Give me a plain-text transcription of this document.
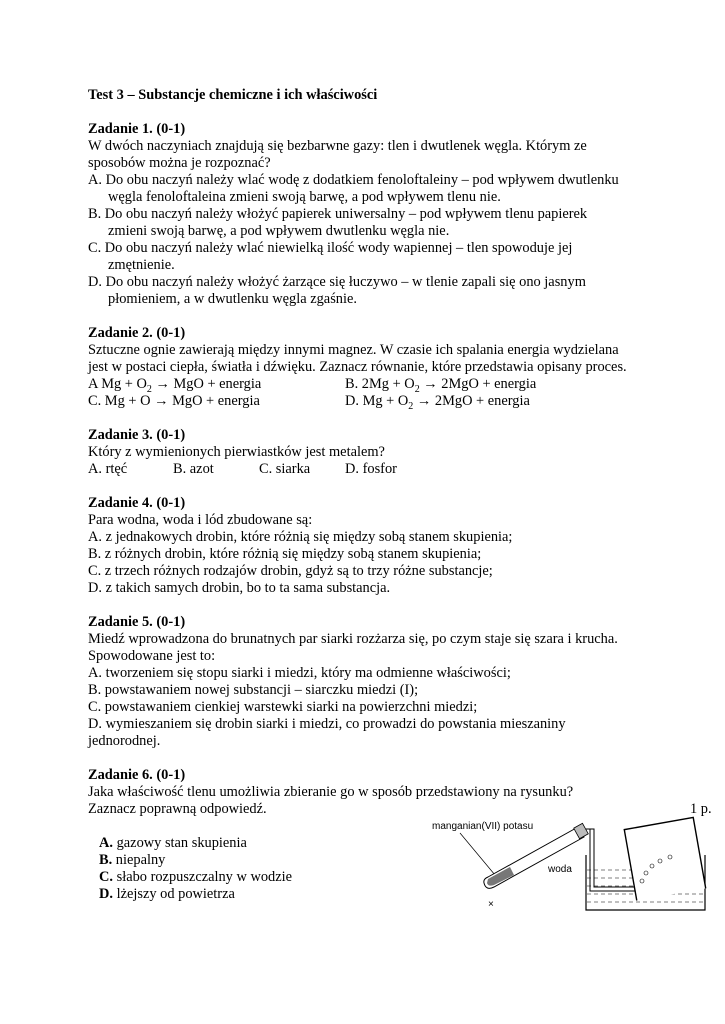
Test 3 – Substancje chemiczne i ich właściwości
Zadanie 1. (0-1)
W dwóch naczyniach znajdują się bezbarwne gazy: tlen i dwutlenek węgla. Którym ze
sposobów można je rozpoznać?
A. Do obu naczyń należy wlać wodę z dodatkiem fenoloftaleiny – pod wpływem dwutlenku
węgla fenoloftaleina zmieni swoją barwę, a pod wpływem tlenu nie.
B. Do obu naczyń należy włożyć papierek uniwersalny – pod wpływem tlenu papierek
zmieni swoją barwę, a pod wpływem dwutlenku węgla nie.
C. Do obu naczyń należy wlać niewielką ilość wody wapiennej – tlen spowoduje jej
zmętnienie.
D. Do obu naczyń należy włożyć żarzące się łuczywo – w tlenie zapali się ono jasnym
płomieniem, a w dwutlenku węgla zgaśnie.
Zadanie 2. (0-1)
Sztuczne ognie zawierają między innymi magnez. W czasie ich spalania energia wydzielana
jest w postaci ciepła, światła i dźwięku. Zaznacz równanie, które przedstawia opisany proces.
A $Mg + O_2$ → MgO + energia	B. $2Mg + O_2 \to 2MgO$ + energia
C. Mg + O → MgO + energia	D. $Mg + O_2 \to 2MgO$ + energia
Zadanie 3. (0-1)
Który z wymienionych pierwiastków jest metalem?
A. rtęć	B. azot	C. siarka D. fosfor
Zadanie 4. (0-1)
Para wodna, woda i lód zbudowane są:
A. z jednakowych drobin, które różnią się między sobą stanem skupienia;
B. z różnych drobin, które różnią się między sobą stanem skupienia;
C. z trzech różnych rodzajów drobin, gdyż są to trzy różne substancje;
D. z takich samych drobin, bo to ta sama substancja.
Zadanie 5. (0-1)
Miedź wprowadzona do brunatnych par siarki rozżarza się, po czym staje się szara i krucha.
Spowodowane jest to:
A. tworzeniem się stopu siarki i miedzi, który ma odmienne właściwości;
B. powstawaniem nowej substancji – siarczku miedzi (I);
C. powstawaniem cienkiej warstewki siarki na powierzchni miedzi;
D. wymieszaniem się drobin siarki i miedzi, co prowadzi do powstania mieszaniny
jednorodnej.
Zadanie 6. (0-1)
Jaka właściwość tlenu umożliwia zbieranie go w sposób przedstawiony na rysunku?
Zaznacz poprawną odpowiedź.	1 p.
A. gazowy stan skupienia
B. niepalny
C. słabo rozpuszczalny w wodzie
D. lżejszy od powietrza
manganian(VII) potasu
×
woda
